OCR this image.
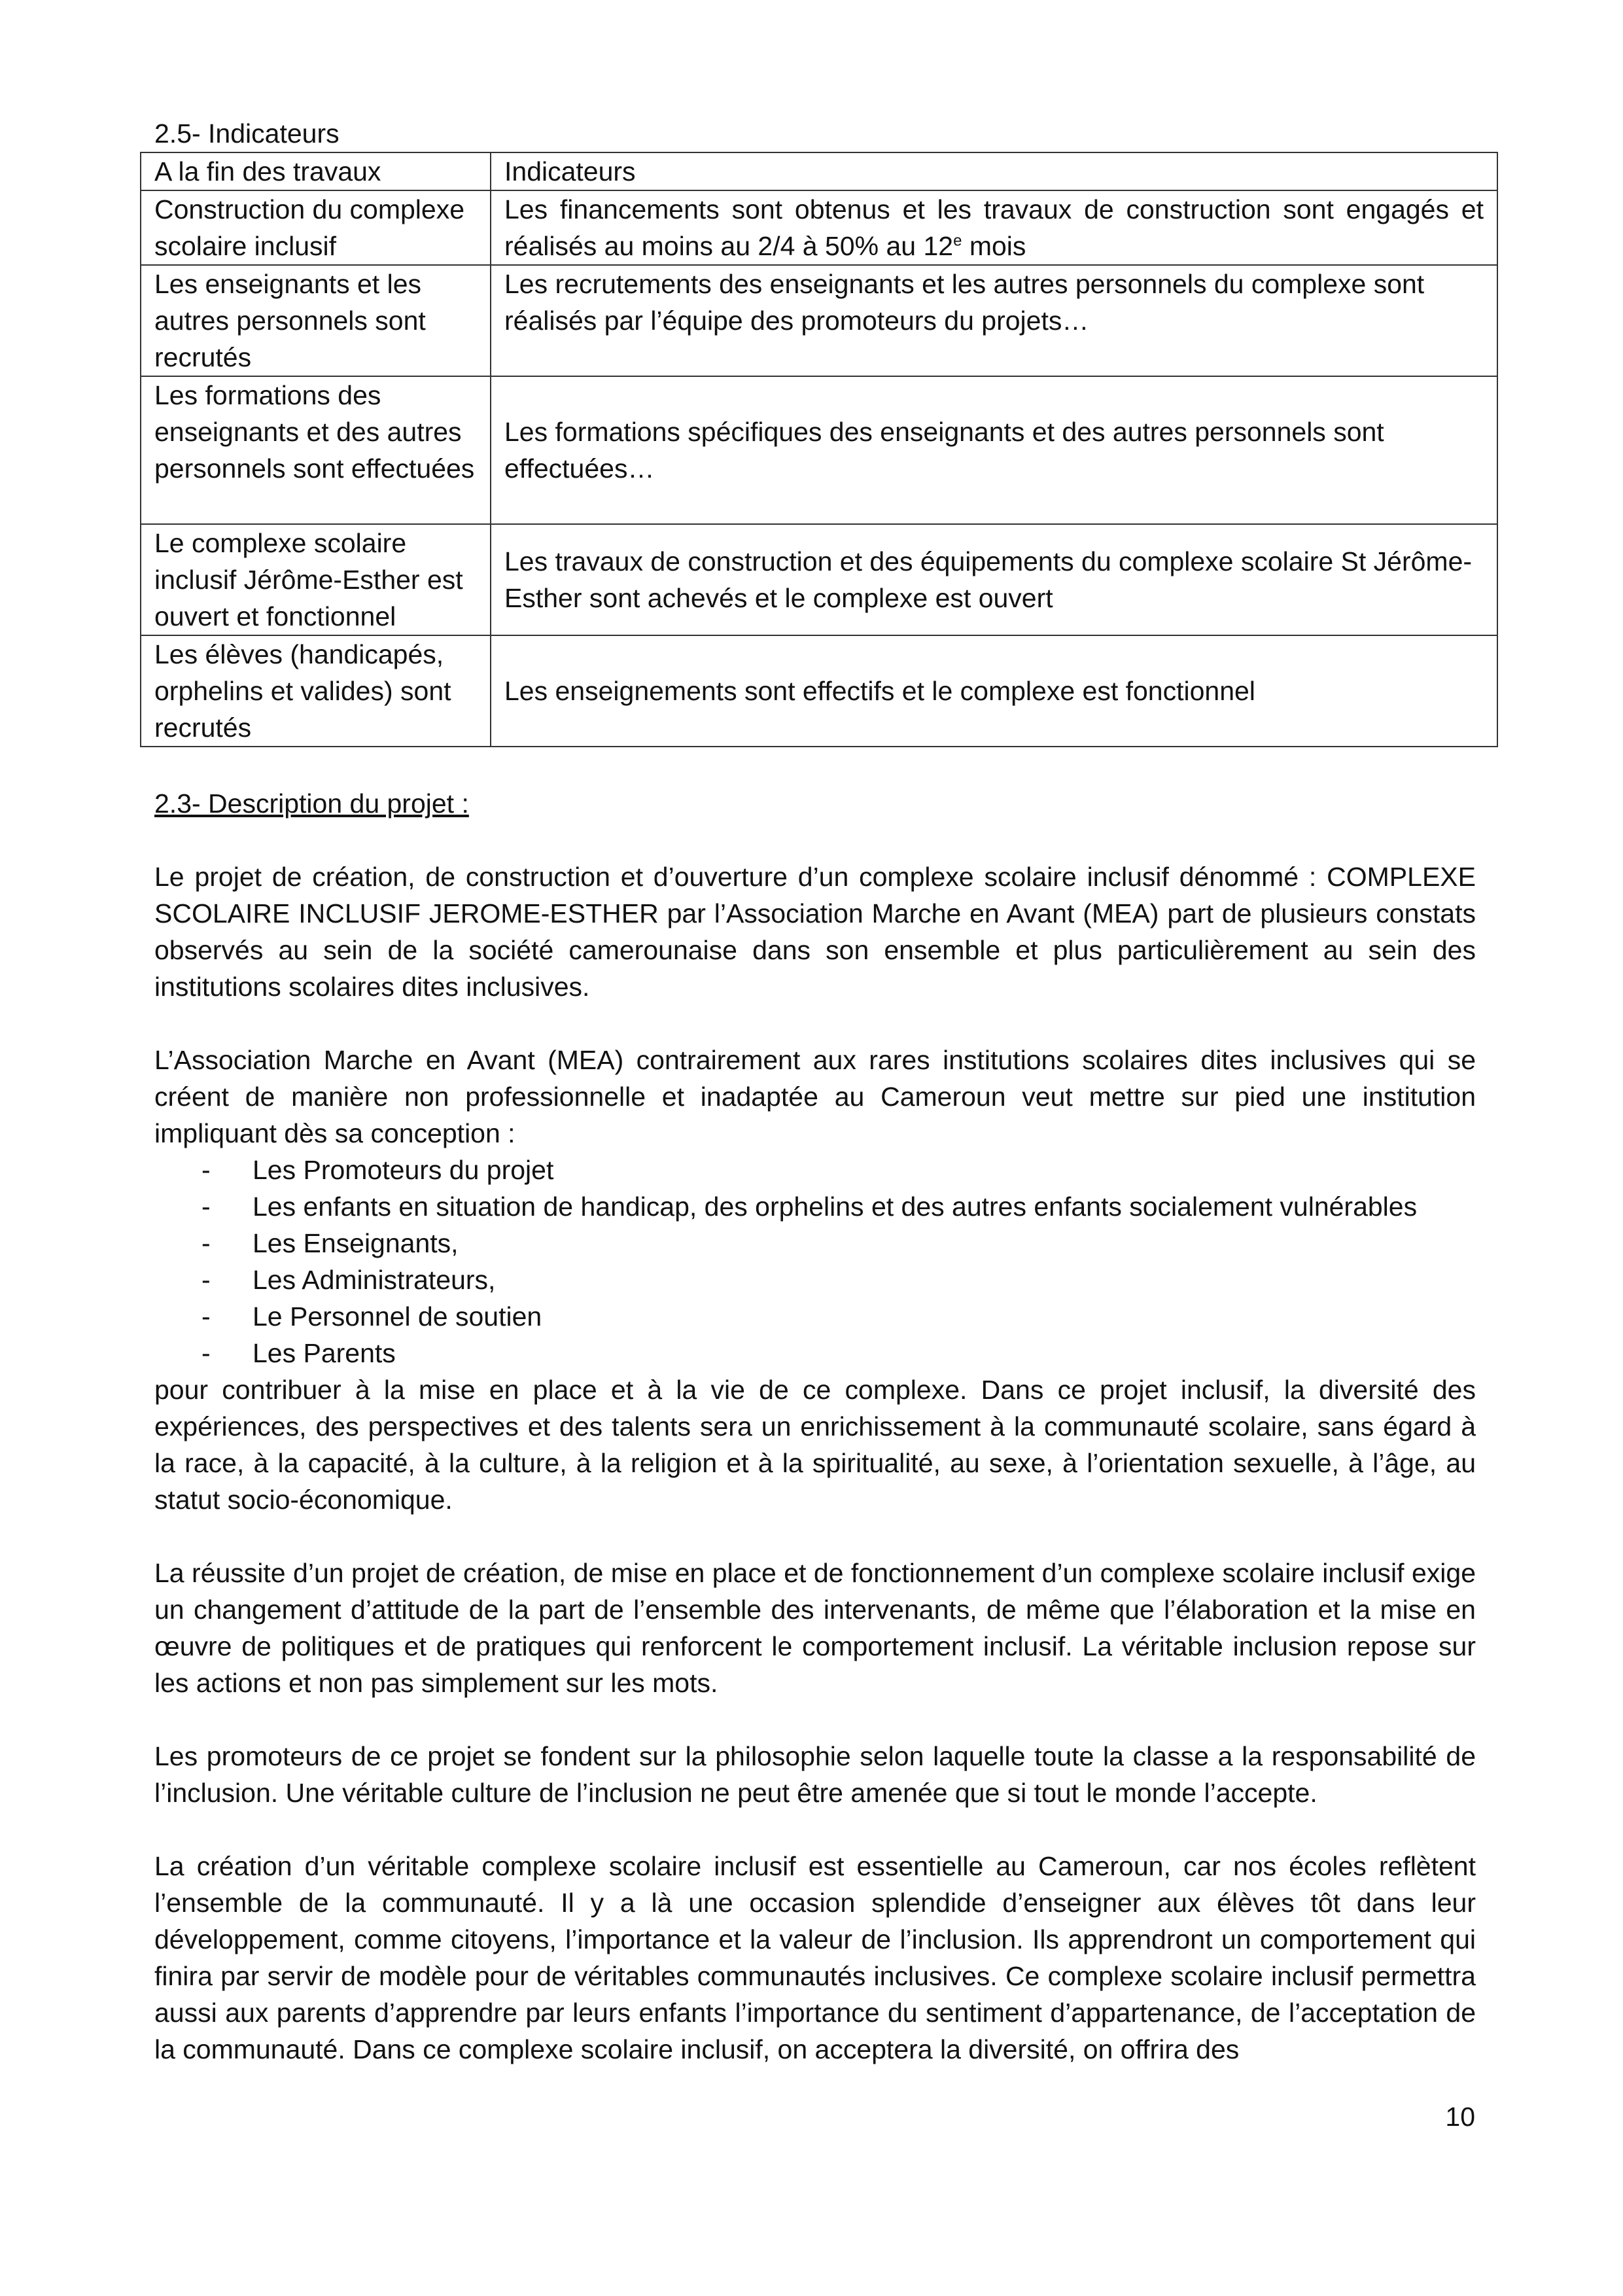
2.5- Indicateurs
A la fin des travaux	Indicateurs
Construction du complexe scolaire inclusif	Les financements sont obtenus et les travaux de construction sont engagés et réalisés au moins au 2/4 à 50% au 12e mois
Les enseignants et les autres personnels sont recrutés	Les recrutements des enseignants et les autres personnels du complexe sont réalisés par l’équipe des promoteurs du projets…
Les formations des enseignants et des autres personnels sont effectuées	Les formations spécifiques des enseignants et des autres personnels sont effectuées…
Le complexe scolaire inclusif Jérôme-Esther est ouvert et fonctionnel	Les travaux de construction et des équipements du complexe scolaire St Jérôme-Esther sont achevés et le complexe est ouvert
Les élèves (handicapés, orphelins et valides) sont recrutés	Les enseignements sont effectifs et le complexe est fonctionnel
2.3- Description du projet :

Le projet de création, de construction et d’ouverture d’un complexe scolaire inclusif dénommé : COMPLEXE SCOLAIRE INCLUSIF JEROME-ESTHER par l’Association Marche en Avant (MEA) part de plusieurs constats observés au sein de la société camerounaise dans son ensemble et plus particulièrement au sein des institutions scolaires dites inclusives.

L’Association Marche en Avant (MEA) contrairement aux rares institutions scolaires dites inclusives qui se créent de manière non professionnelle et inadaptée au Cameroun veut mettre sur pied une institution impliquant dès sa conception :

- Les Promoteurs du projet
- Les enfants en situation de handicap, des orphelins et des autres enfants socialement vulnérables
- Les Enseignants,
- Les Administrateurs,
- Le Personnel de soutien
- Les Parents

pour contribuer à la mise en place et à la vie de ce complexe. Dans ce projet inclusif, la diversité des expériences, des perspectives et des talents sera un enrichissement à la communauté scolaire, sans égard à la race, à la capacité, à la culture, à la religion et à la spiritualité, au sexe, à l’orientation sexuelle, à l’âge, au statut socio-économique.

La réussite d’un projet de création, de mise en place et de fonctionnement d’un complexe scolaire inclusif exige un changement d’attitude de la part de l’ensemble des intervenants, de même que l’élaboration et la mise en œuvre de politiques et de pratiques qui renforcent le comportement inclusif. La véritable inclusion repose sur les actions et non pas simplement sur les mots.

Les promoteurs de ce projet se fondent sur la philosophie selon laquelle toute la classe a la responsabilité de l’inclusion. Une véritable culture de l’inclusion ne peut être amenée que si tout le monde l’accepte.

La création d’un véritable complexe scolaire inclusif est essentielle au Cameroun, car nos écoles reflètent l’ensemble de la communauté. Il y a là une occasion splendide d’enseigner aux élèves tôt dans leur développement, comme citoyens, l’importance et la valeur de l’inclusion. Ils apprendront un comportement qui finira par servir de modèle pour de véritables communautés inclusives. Ce complexe scolaire inclusif permettra aussi aux parents d’apprendre par leurs enfants l’importance du sentiment d’appartenance, de l’acceptation de la communauté. Dans ce complexe scolaire inclusif, on acceptera la diversité, on offrira des

10
